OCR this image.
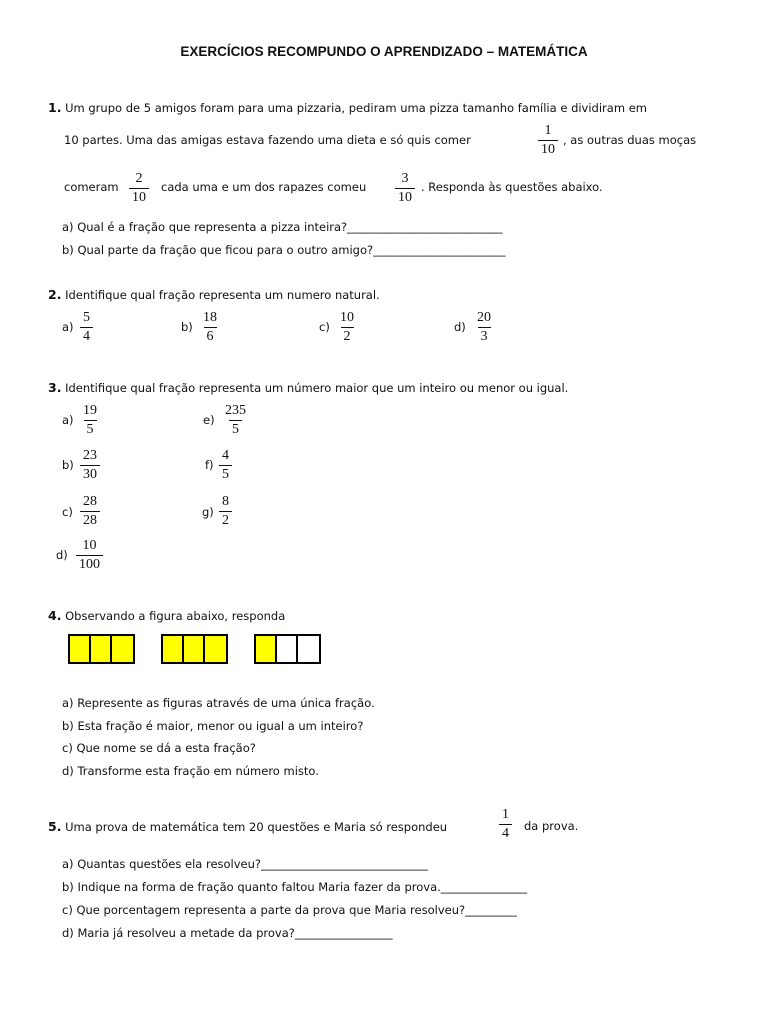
EXERCÍCIOS RECOMPUNDO O APRENDIZADO – MATEMÁTICA
1. Um grupo de 5 amigos foram para uma pizzaria, pediram uma pizza tamanho família e dividiram em
10 partes. Uma das amigas estava fazendo uma dieta e só quis comer	$\frac{1}{10}$ , as outras duas moças
comeram $\frac{2}{10}$ cada uma e um dos rapazes comeu $\frac{3}{10}$ . Responda às questões abaixo.
a) Qual é a fração que representa a pizza inteira?___________________________
b) Qual parte da fração que ficou para o outro amigo?_______________________
2. Identifique qual fração representa um numero natural.
$a) \frac{5}{4}$	$b) \frac{18}{6}$	$c) \frac{10}{2}$	$d) \frac{20}{3}$
3. Identifique qual fração representa um número maior que um inteiro ou menor ou igual.
$a) \frac{19}{5}$
$b) \frac{23}{30}$
$c) \frac{28}{28}$
$d) \frac{10}{100}$
$e) \frac{235}{5}$
$f) \frac{4}{5}$
$g) \frac{8}{2}$
4. Observando a figura abaixo, responda
a) Represente as figuras através de uma única fração.
b) Esta fração é maior, menor ou igual a um inteiro?
c) Que nome se dá a esta fração?
d) Transforme esta fração em número misto.
5. Uma prova de matemática tem 20 questões e Maria só respondeu	$\frac{1}{4}$ da prova.
a) Quantas questões ela resolveu?_____________________________
b) Indique na forma de fração quanto faltou Maria fazer da prova._______________
c) Que porcentagem representa a parte da prova que Maria resolveu?_________
d) Maria já resolveu a metade da prova?_________________
